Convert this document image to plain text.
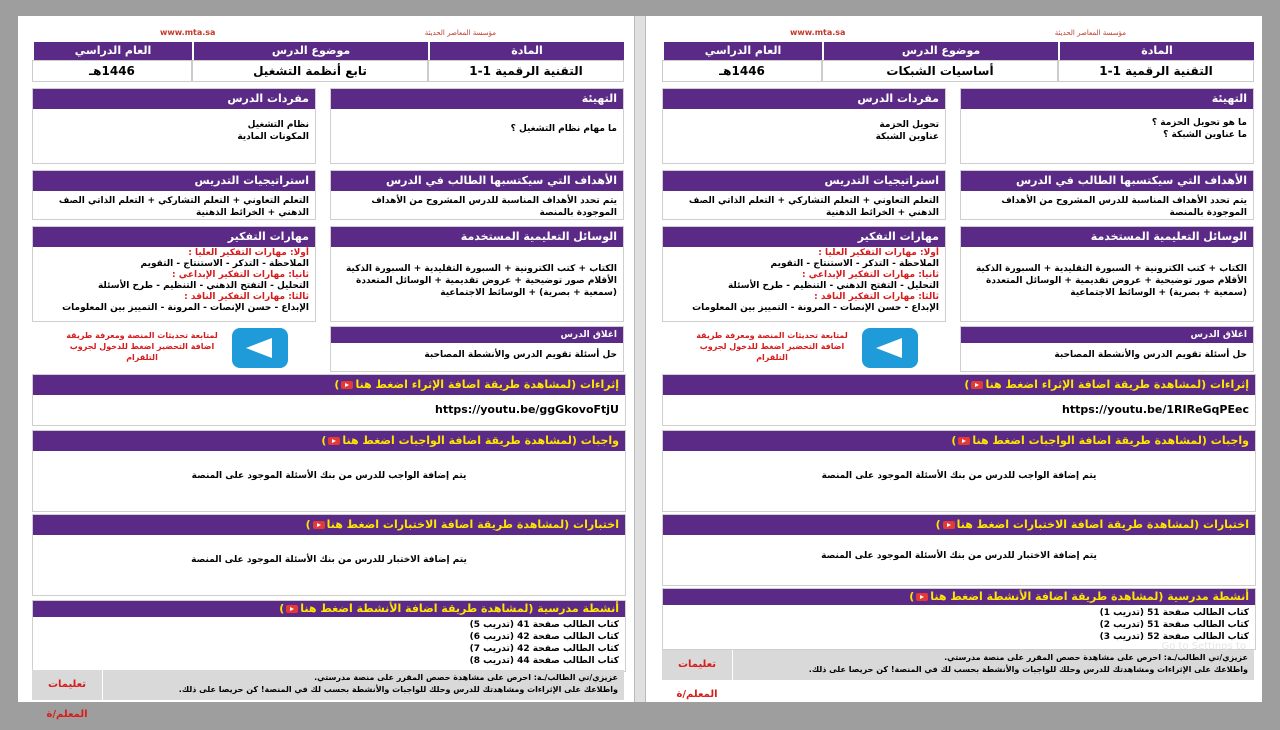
مؤسسة المعاصر الحديثة
www.mta.sa
المادة
التقنية الرقمية 1-1
موضوع الدرس
تابع أنظمة التشغيل
العام الدراسي
1446هـ
التهيئة
ما مهام نظام التشغيل ؟
مفردات الدرس
نظام التشغيل
المكونات المادية
الأهداف التي سيكتسبها الطالب في الدرس
يتم تحدد الأهداف المناسبة للدرس المشروح من الأهداف الموجودة بالمنصة
استراتيجيات التدريس
التعلم التعاوني + التعلم التشاركي + التعلم الذاتي الصف الذهني + الخرائط الذهنية
الوسائل التعليمية المستخدمة
الكتاب + كتب الكترونية + السبورة التقليدية + السبورة الذكية الأقلام صور توضيحية + عروض تقديمية + الوسائل المتعددة (سمعية + بصرية) + الوسائط الاجتماعية
مهارات التفكير
أولا: مهارات التفكير العليا :
الملاحظة - التذكر - الاستنتاج - التقويم
ثانيا: مهارات التفكير الإبداعي :
التحليل - التفتح الذهني - التنظيم - طرح الأسئلة
ثالثا: مهارات التفكير الناقد :
الإبداع - حسن الإنصات - المرونة - التمييز بين المعلومات
اغلاق الدرس
حل أسئلة تقويم الدرس والأنشطة المصاحبة
لمتابعة تحديثات المنصة ومعرفة طريقة اضافة التحضير اضغط للدخول لجروب التلقرام
إثراءات (لمشاهدة طريقة اضافة الإثراء اضغط هنا)
https://youtu.be/ggGkovoFtjU
واجبات (لمشاهدة طريقة اضافة الواجبات اضغط هنا)
يتم إضافة الواجب للدرس من بنك الأسئلة الموجود على المنصة
اختبارات (لمشاهدة طريقة اضافة الاختبارات اضغط هنا)
يتم إضافة الاختبار للدرس من بنك الأسئلة الموجود على المنصة
أنشطة مدرسية (لمشاهدة طريقة اضافة الأنشطة اضغط هنا)
كتاب الطالب صفحة 41 (تدريب 5)
كتاب الطالب صفحة 42 (تدريب 6)
كتاب الطالب صفحة 42 (تدريب 7)
كتاب الطالب صفحة 44 (تدريب 8)
تعليمات المعلم/ة
عزيزي/تي الطالب/ـة: احرص على مشاهدة حصص المقرر على منصة مدرستي.
واطلاعك على الإثراءات ومشاهدتك للدرس وحلك للواجبات والأنشطة بحسب لك في المنصة! كن حريصا على ذلك.
مؤسسة المعاصر الحديثة
www.mta.sa
المادة
التقنية الرقمية 1-1
موضوع الدرس
أساسيات الشبكات
العام الدراسي
1446هـ
التهيئة
ما هو تحويل الحزمة ؟
ما عناوين الشبكة ؟
مفردات الدرس
تحويل الحزمة
عناوين الشبكة
الأهداف التي سيكتسبها الطالب في الدرس
يتم تحدد الأهداف المناسبة للدرس المشروح من الأهداف الموجودة بالمنصة
استراتيجيات التدريس
التعلم التعاوني + التعلم التشاركي + التعلم الذاتي الصف الذهني + الخرائط الذهنية
الوسائل التعليمية المستخدمة
الكتاب + كتب الكترونية + السبورة التقليدية + السبورة الذكية الأقلام صور توضيحية + عروض تقديمية + الوسائل المتعددة (سمعية + بصرية) + الوسائط الاجتماعية
مهارات التفكير
أولا: مهارات التفكير العليا :
الملاحظة - التذكر - الاستنتاج - التقويم
ثانيا: مهارات التفكير الإبداعي :
التحليل - التفتح الذهني - التنظيم - طرح الأسئلة
ثالثا: مهارات التفكير الناقد :
الإبداع - حسن الإنصات - المرونة - التمييز بين المعلومات
اغلاق الدرس
حل أسئلة تقويم الدرس والأنشطة المصاحبة
لمتابعة تحديثات المنصة ومعرفة طريقة اضافة التحضير اضغط للدخول لجروب التلقرام
إثراءات (لمشاهدة طريقة اضافة الإثراء اضغط هنا)
https://youtu.be/1RIReGqPEec
واجبات (لمشاهدة طريقة اضافة الواجبات اضغط هنا)
يتم إضافة الواجب للدرس من بنك الأسئلة الموجود على المنصة
اختبارات (لمشاهدة طريقة اضافة الاختبارات اضغط هنا)
يتم إضافة الاختبار للدرس من بنك الأسئلة الموجود على المنصة
أنشطة مدرسية (لمشاهدة طريقة اضافة الأنشطة اضغط هنا)
كتاب الطالب صفحة 51 (تدريب 1)
كتاب الطالب صفحة 51 (تدريب 2)
كتاب الطالب صفحة 52 (تدريب 3)
تعليمات المعلم/ة
عزيزي/تي الطالب/ـة: احرص على مشاهدة حصص المقرر على منصة مدرستي.
واطلاعك على الإثراءات ومشاهدتك للدرس وحلك للواجبات والأنشطة بحسب لك في المنصة! كن حريصا على ذلك.
Go to Settings to
